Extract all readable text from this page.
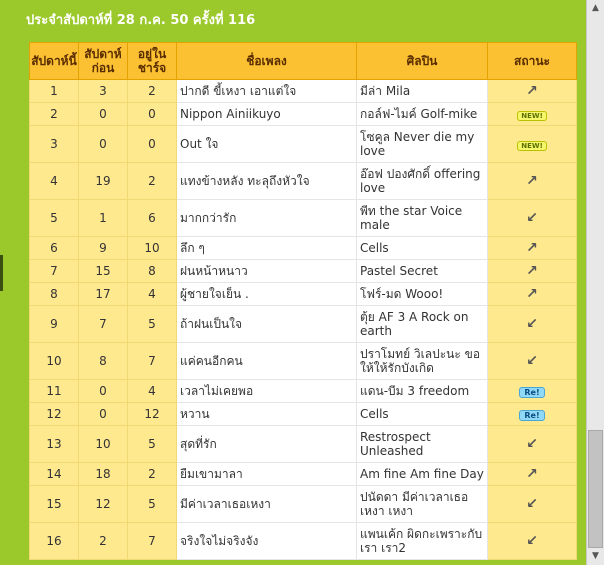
ประจำสัปดาห์ที่ 28 ก.ค. 50 ครั้งที่ 116
สัปดาห์นี้	สัปดาห์ก่อน	อยู่ในชาร์จ	ชื่อเพลง	ศิลปิน	สถานะ
1	3	2	ปากดี ขี้เหงา เอาแต่ใจ	มีล่า Mila	↗
2	0	0	Nippon Ainiikuyo	กอล์ฟ-ไมค์ Golf-mike	NEW!
3	0	0	Out ใจ	โซคูล Never die my love	NEW!
4	19	2	แทงข้างหลัง ทะลุถึงหัวใจ	อ๊อฟ ปองศักดิ์ offering love	↗
5	1	6	มากกว่ารัก	พีท the star Voice male	↙
6	9	10	ลึก ๆ	Cells	↗
7	15	8	ฝนหน้าหนาว	Pastel Secret	↗
8	17	4	ผู้ชายใจเย็น .	โฟร์-มด Wooo!	↗
9	7	5	ถ้าฝนเป็นใจ	ตุ้ย AF 3 A Rock on earth	↙
10	8	7	แค่คนอีกคน	ปราโมทย์ วิเลปะนะ ขอให้ให้รักบังเกิด	↙
11	0	4	เวลาไม่เคยพอ	แดน-บีม 3 freedom	Re!
12	0	12	หวาน	Cells	Re!
13	10	5	สุดที่รัก	Restrospect Unleashed	↙
14	18	2	ยืมเขามาลา	Am fine Am fine Day	↗
15	12	5	มีค่าเวลาเธอเหงา	ปนัดดา มีค่าเวลาเธอเหงา เหงา	↙
16	2	7	จริงใจไม่จริงจัง	แพนเค้ก ผิดกะเพราะกับเรา เรา2	↙
▲
▼
